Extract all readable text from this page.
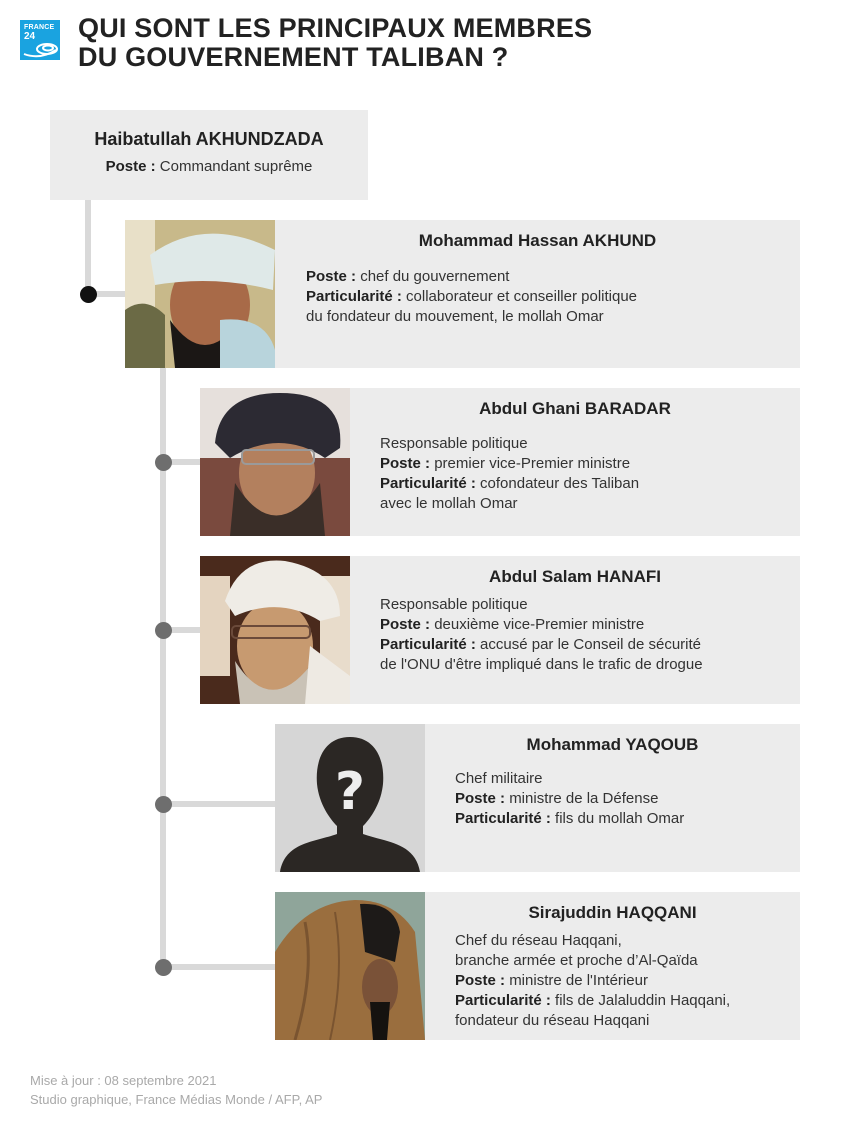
FRANCE
24 QUI SONT LES PRINCIPAUX MEMBRES
DU GOUVERNEMENT TALIBAN ?
Haibatullah AKHUNDZADA
Poste : Commandant suprême
Mohammad Hassan AKHUND
Poste : chef du gouvernement
Particularité : collaborateur et conseiller politique
du fondateur du mouvement, le mollah Omar
Abdul Ghani BARADAR
Responsable politique
Poste : premier vice-Premier ministre
Particularité : cofondateur des Taliban
avec le mollah Omar
Abdul Salam HANAFI
Responsable politique
Poste : deuxième vice-Premier ministre
Particularité : accusé par le Conseil de sécurité
de l'ONU d'être impliqué dans le trafic de drogue
?
Mohammad YAQOUB
Chef militaire
Poste : ministre de la Défense
Particularité : fils du mollah Omar
Sirajuddin HAQQANI
Chef du réseau Haqqani,
branche armée et proche d’Al-Qaïda
Poste : ministre de l'Intérieur
Particularité : fils de Jalaluddin Haqqani,
fondateur du réseau Haqqani
Mise à jour : 08 septembre 2021
Studio graphique, France Médias Monde / AFP, AP
